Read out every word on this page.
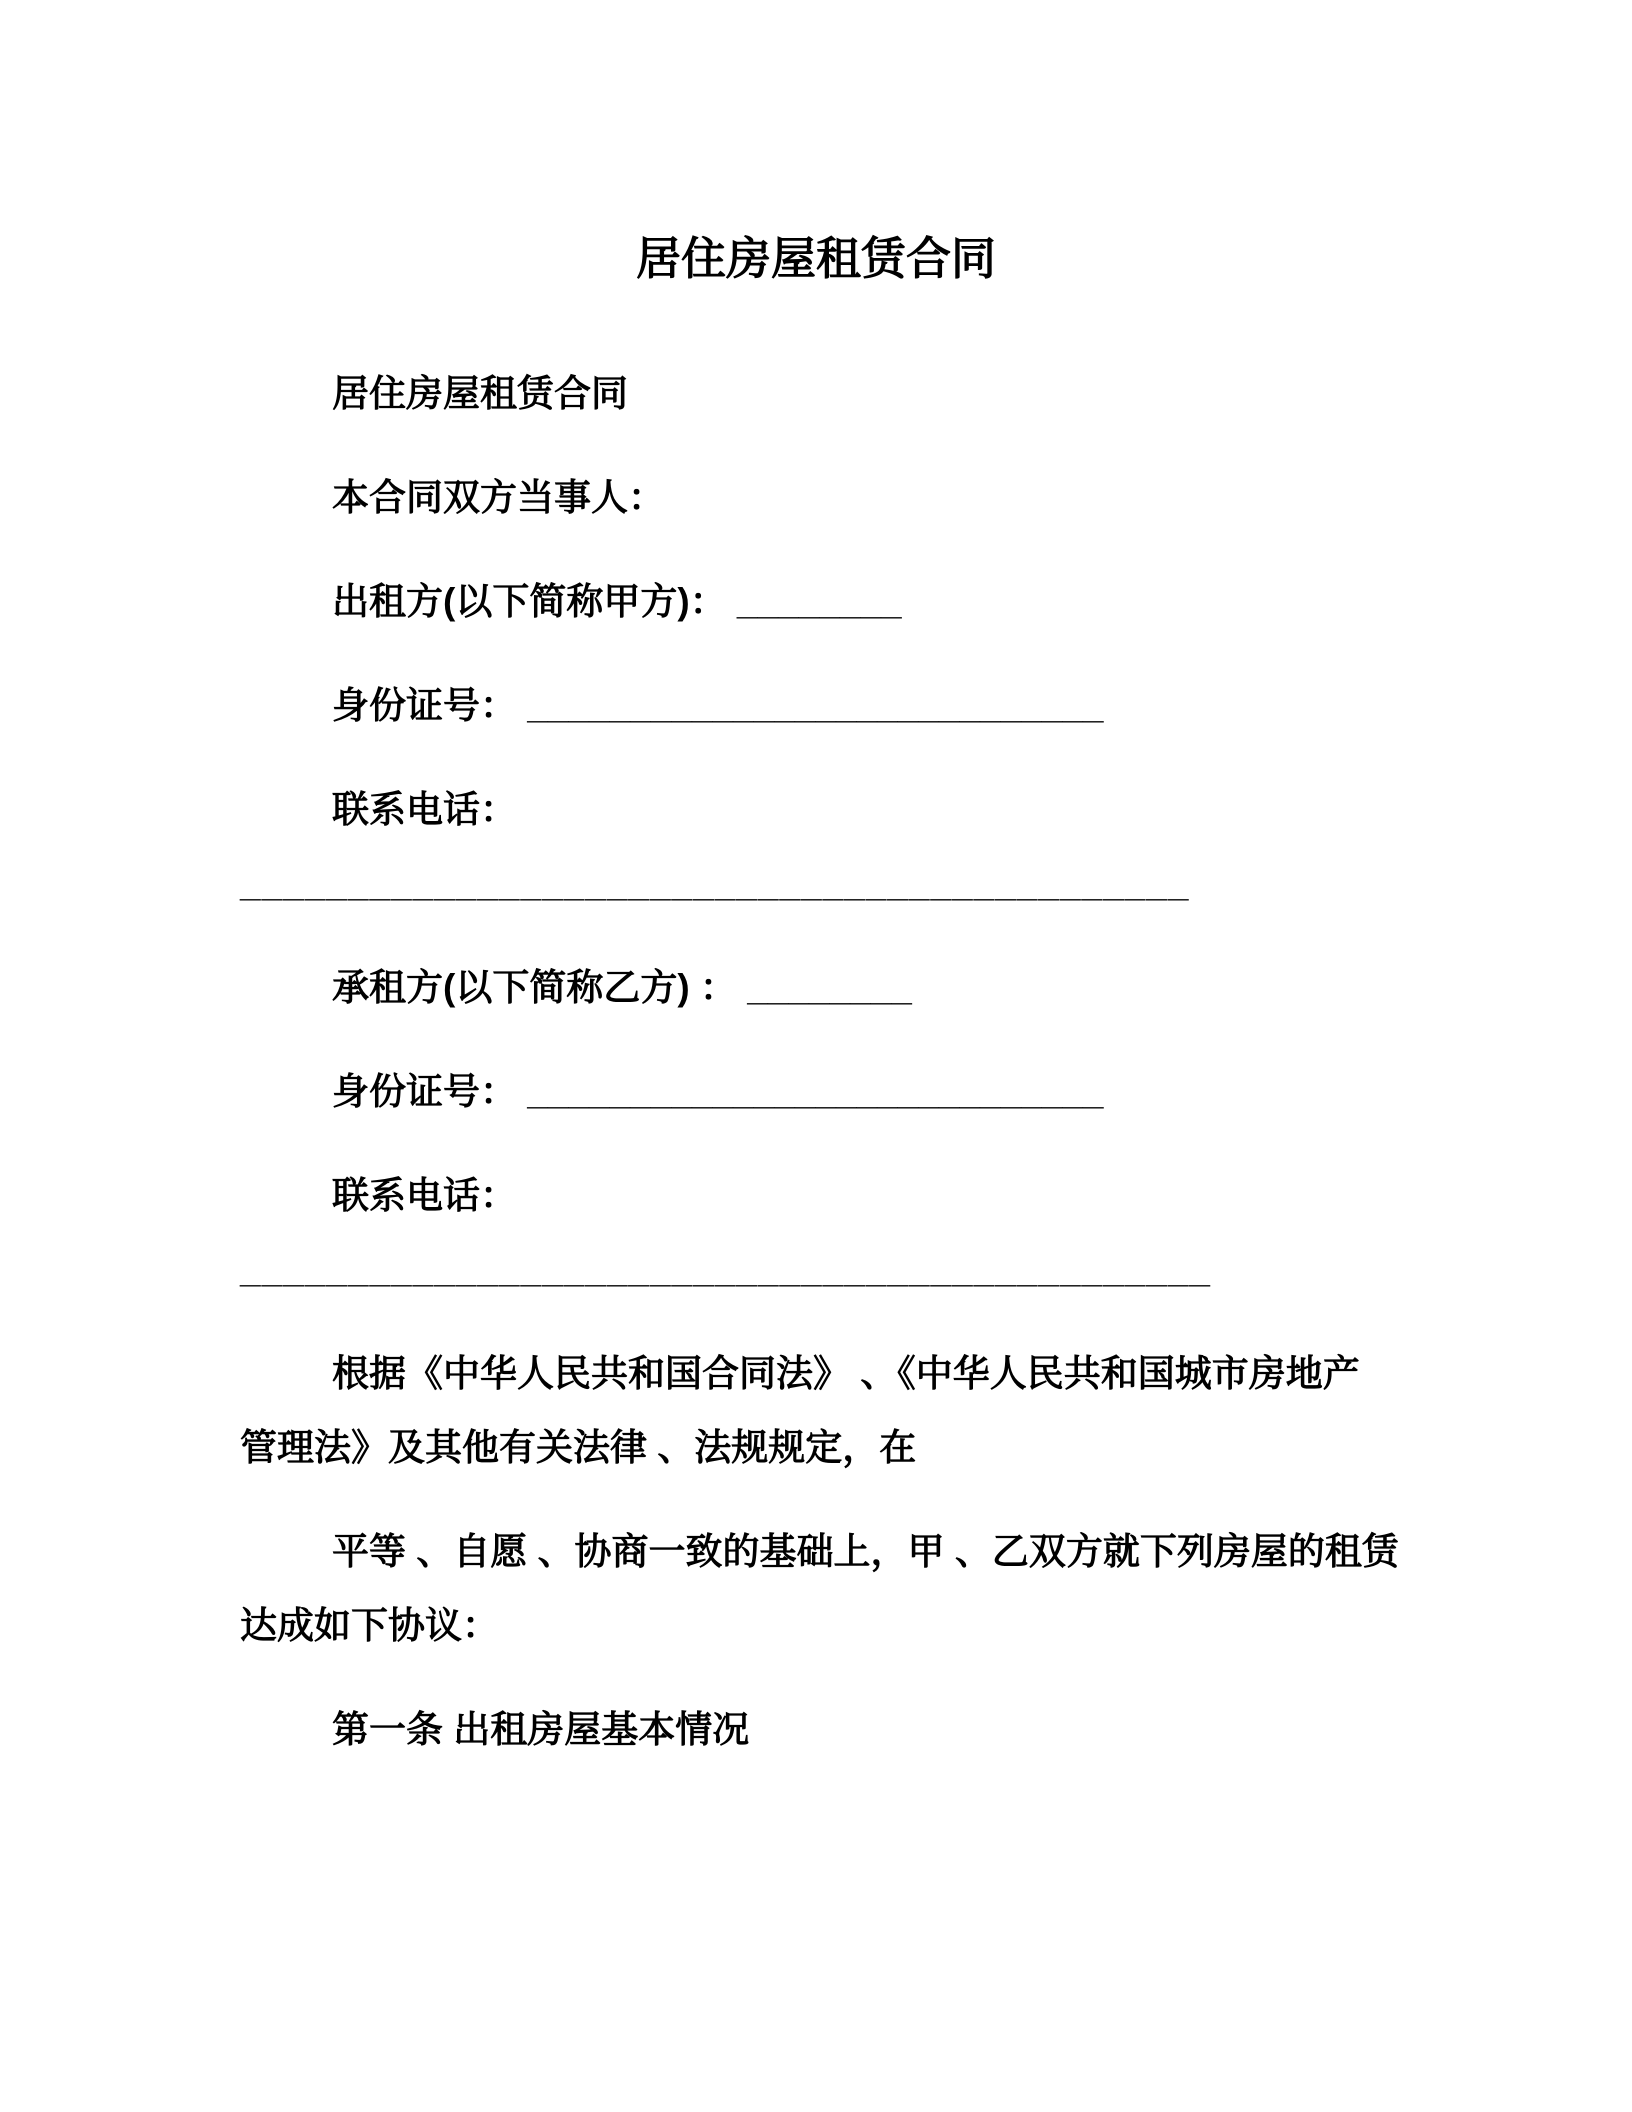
居住房屋租赁合同
居住房屋租赁合同
本合同双方当事人：
出租方(以下简称甲方)： ________
身份证号： ____________________________
联系电话：
____________________________________________
承租方(以下简称乙方) ： ________
身份证号： ____________________________
联系电话：
_____________________________________________
根据《中华人民共和国合同法》 、《中华人民共和国城市房地产
管理法》及其他有关法律 、法规规定，在
平等 、自愿 、协商一致的基础上，甲 、乙双方就下列房屋的租赁
达成如下协议：
第一条 出租房屋基本情况
